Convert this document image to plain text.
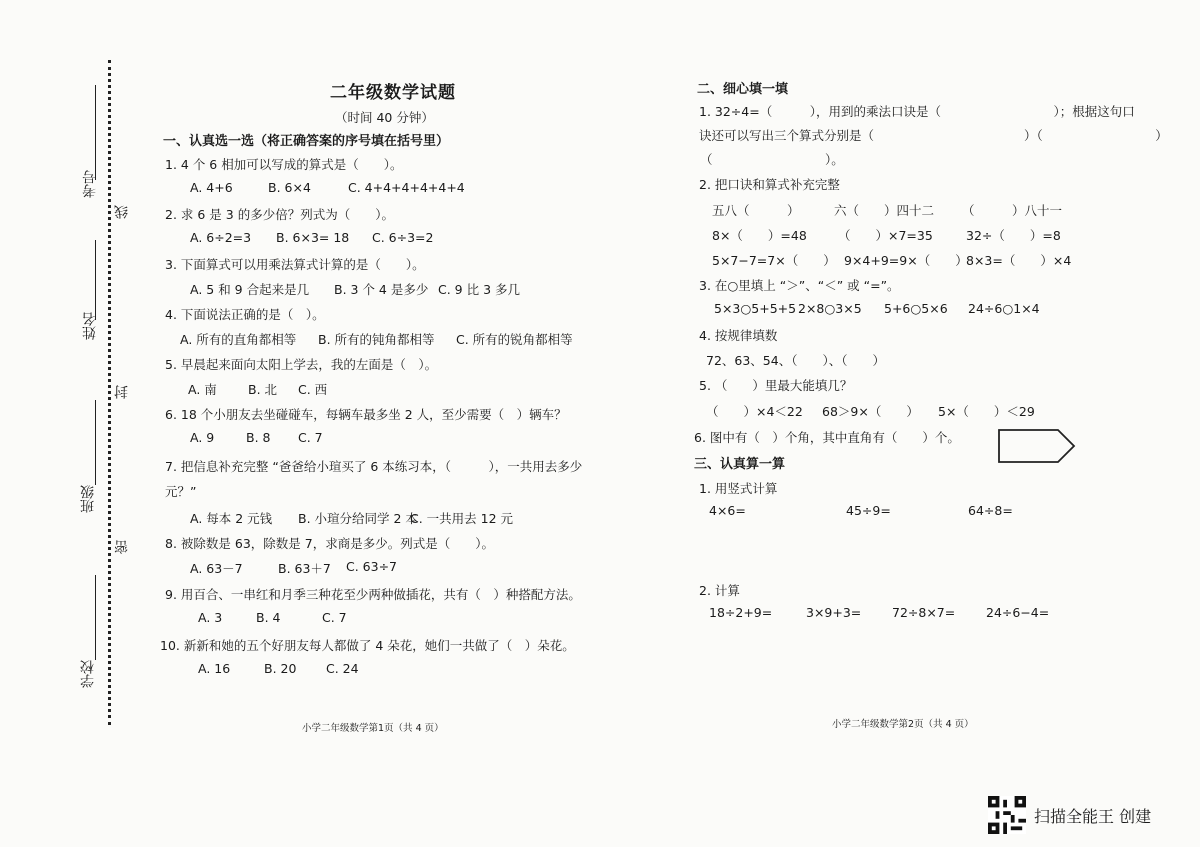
考号
姓名
班级
学校
线
封
密
二年级数学试题
（时间 40 分钟）
一、认真选一选（将正确答案的序号填在括号里）
1. 4 个 6 相加可以写成的算式是（　　）。
A. 4+6	B. 6×4	C. 4+4+4+4+4+4
2. 求 6 是 3 的多少倍？列式为（　　）。
A. 6÷2=3 B. 6×3= 18 C. 6÷3=2
3. 下面算式可以用乘法算式计算的是（　　）。
A. 5 和 9 合起来是几 B. 3 个 4 是多少 C. 9 比 3 多几
4. 下面说法正确的是（　）。
A. 所有的直角都相等 B. 所有的钝角都相等 C. 所有的锐角都相等
5. 早晨起来面向太阳上学去，我的左面是（　）。
A. 南 B. 北 C. 西
6. 18 个小朋友去坐碰碰车，每辆车最多坐 2 人，至少需要（　）辆车？
A. 9	B. 8 C. 7
7. 把信息补充完整 “爸爸给小瑄买了 6 本练习本，（　　　），一共用去多少
元？”
A. 每本 2 元钱 B. 小瑄分给同学 2 本
C. 一共用去 12 元
8. 被除数是 63，除数是 7，求商是多少。列式是（　　）。
A. 63－7	B. 63＋7 C. 63÷7
9. 用百合、一串红和月季三种花至少两种做插花，共有（　）种搭配方法。
A. 3	B. 4	C. 7
10. 新新和她的五个好朋友每人都做了 4 朵花，她们一共做了（　）朵花。
A. 16	B. 20 C. 24
小学二年级数学第1页（共 4 页）
二、细心填一填
1. 32÷4=（　　　），用到的乘法口诀是（　　　　　　　　　）；根据这句口
诀还可以写出三个算式分别是（　　　　　　　　　　　　）（　　　　　　　　　）
（　　　　　　　　　）。
2. 把口诀和算式补充完整
五八（　　　）	六（　　）四十二 （　　　）八十一
8×（　　）=48 （　　）×7=35	32÷（　　）=8
5×7−7=7×（　　） 9×4+9=9×（　　）
8×3=（　　）×4
3. 在○里填上 “＞”、“＜” 或 “=”。
5×3○5+5+5 2×8○3×5 5+6○5×6 24÷6○1×4
4. 按规律填数
72、63、54、（　　）、（　　）
5. （　　）里最大能填几？
（　　）×4＜22 68＞9×（　　） 5×（　　）＜29
6. 图中有（　）个角，其中直角有（　　）个。
三、认真算一算
1. 用竖式计算
4×6=	45÷9=	64÷8=
2. 计算
18÷2+9=	3×9+3= 72÷8×7= 24÷6−4=
小学二年级数学第2页（共 4 页）
扫描全能王 创建
